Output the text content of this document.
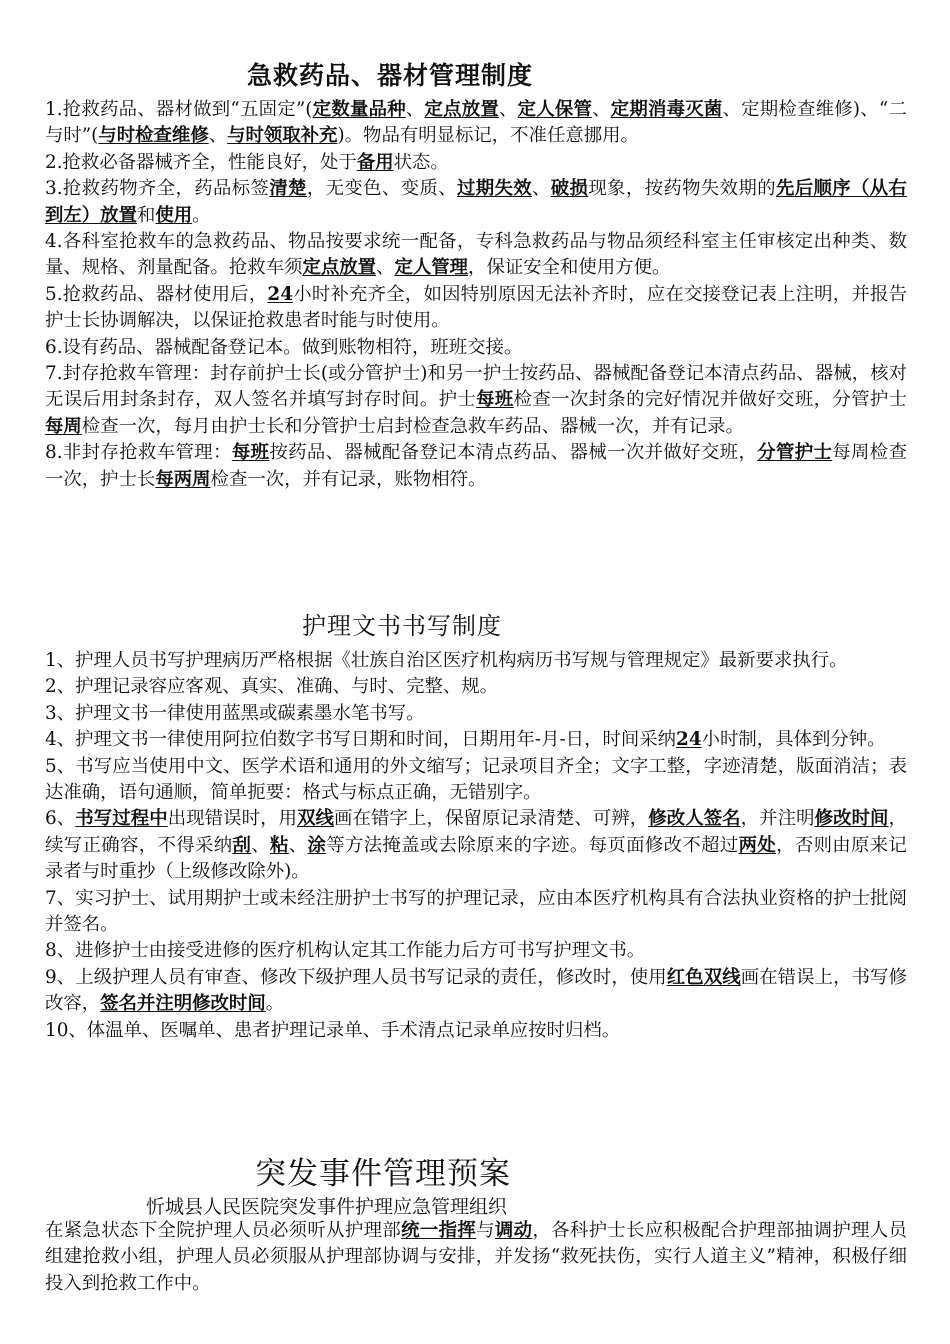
急救药品、器材管理制度

1.抢救药品、器材做到“五固定”(定数量品种、定点放置、定人保管、定期消毒灭菌、定期检查维修)、“二与时”(与时检查维修、与时领取补充)。物品有明显标记，不准任意挪用。

2.抢救必备器械齐全，性能良好，处于备用状态。

3.抢救药物齐全，药品标签清楚，无变色、变质、过期失效、破损现象，按药物失效期的先后顺序（从右到左）放置和使用。

4.各科室抢救车的急救药品、物品按要求统一配备，专科急救药品与物品须经科室主任审核定出种类、数量、规格、剂量配备。抢救车须定点放置、定人管理，保证安全和使用方便。

5.抢救药品、器材使用后，24小时补充齐全，如因特别原因无法补齐时，应在交接登记表上注明，并报告护士长协调解决，以保证抢救患者时能与时使用。

6.设有药品、器械配备登记本。做到账物相符，班班交接。

7.封存抢救车管理：封存前护士长(或分管护士)和另一护士按药品、器械配备登记本清点药品、器械，核对无误后用封条封存，双人签名并填写封存时间。护士每班检查一次封条的完好情况并做好交班，分管护士每周检查一次，每月由护士长和分管护士启封检查急救车药品、器械一次，并有记录。

8.非封存抢救车管理：每班按药品、器械配备登记本清点药品、器械一次并做好交班，分管护士每周检查一次，护士长每两周检查一次，并有记录，账物相符。

护理文书书写制度

1、护理人员书写护理病历严格根据《壮族自治区医疗机构病历书写规与管理规定》最新要求执行。

2、护理记录容应客观、真实、准确、与时、完整、规。

3、护理文书一律使用蓝黑或碳素墨水笔书写。

4、护理文书一律使用阿拉伯数字书写日期和时间，日期用年-月-日，时间采纳24小时制，具体到分钟。

5、书写应当使用中文、医学术语和通用的外文缩写；记录项目齐全；文字工整，字迹清楚，版面消洁；表达准确，语句通顺，简单扼要：格式与标点正确，无错别字。

6、书写过程中出现错误时，用双线画在错字上，保留原记录清楚、可辨，修改人签名，并注明修改时间，续写正确容，不得采纳刮、粘、涂等方法掩盖或去除原来的字迹。每页面修改不超过两处，否则由原来记录者与时重抄（上级修改除外)。

7、实习护士、试用期护士或未经注册护士书写的护理记录，应由本医疗机构具有合法执业资格的护士批阅并签名。

8、进修护士由接受进修的医疗机构认定其工作能力后方可书写护理文书。

9、上级护理人员有审查、修改下级护理人员书写记录的责任，修改时，使用红色双线画在错误上，书写修改容，签名并注明修改时间。

10、体温单、医嘱单、患者护理记录单、手术清点记录单应按时归档。

突发事件管理预案
忻城县人民医院突发事件护理应急管理组织

在紧急状态下全院护理人员必须听从护理部统一指挥与调动，各科护士长应积极配合护理部抽调护理人员组建抢救小组，护理人员必须服从护理部协调与安排，并发扬“救死扶伤，实行人道主义”精神，积极仔细投入到抢救工作中。
